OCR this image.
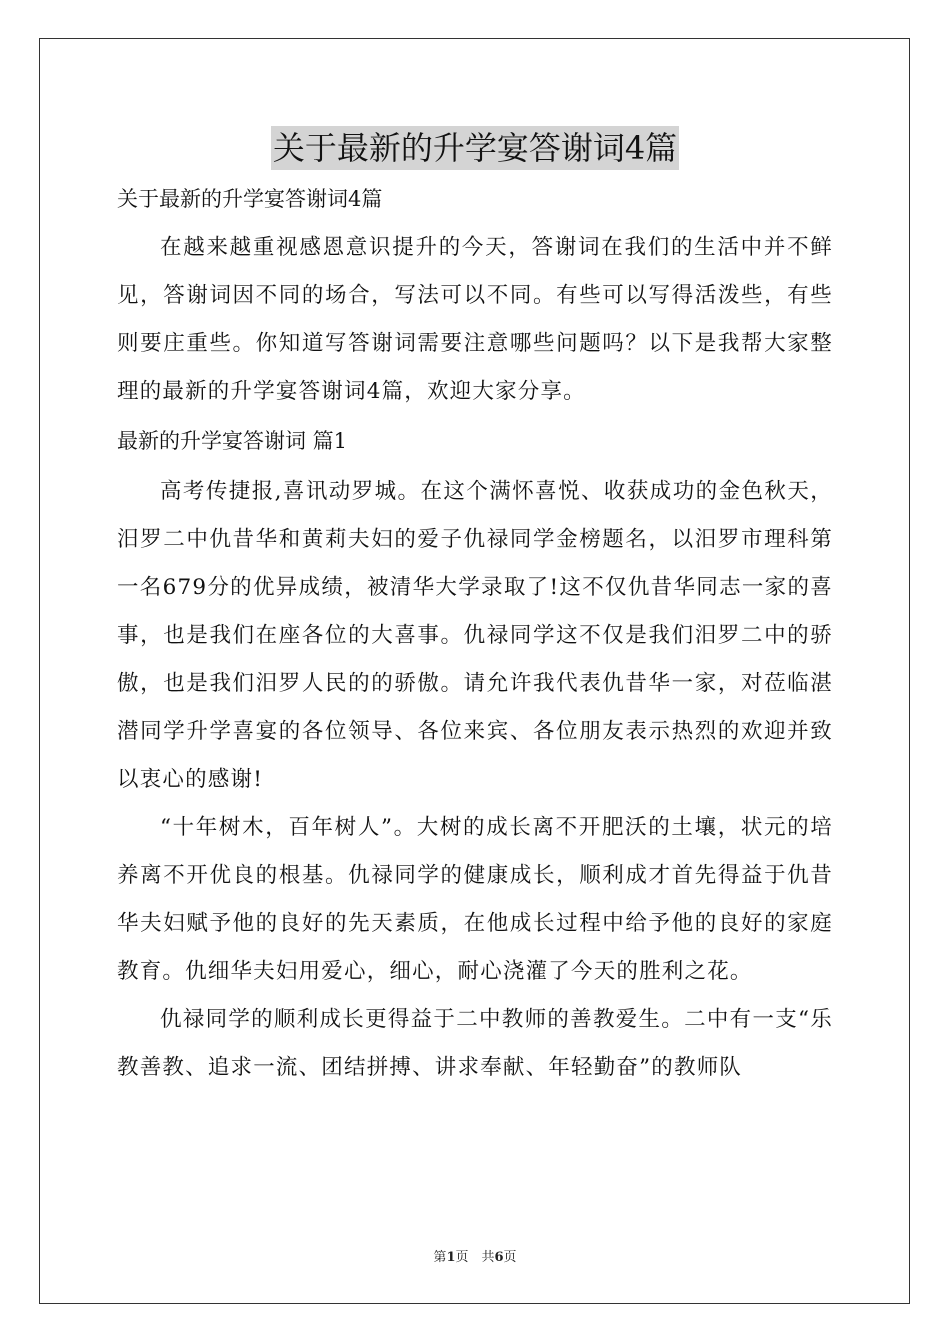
关于最新的升学宴答谢词4篇

关于最新的升学宴答谢词4篇

在越来越重视感恩意识提升的今天，答谢词在我们的生活中并不鲜见，答谢词因不同的场合，写法可以不同。有些可以写得活泼些，有些则要庄重些。你知道写答谢词需要注意哪些问题吗？以下是我帮大家整理的最新的升学宴答谢词4篇，欢迎大家分享。

最新的升学宴答谢词 篇1

高考传捷报,喜讯动罗城。在这个满怀喜悦、收获成功的金色秋天，汨罗二中仇昔华和黄莉夫妇的爱子仇禄同学金榜题名，以汨罗市理科第一名679分的优异成绩，被清华大学录取了!这不仅仇昔华同志一家的喜事，也是我们在座各位的大喜事。仇禄同学这不仅是我们汨罗二中的骄傲，也是我们汨罗人民的的骄傲。请允许我代表仇昔华一家，对莅临湛潜同学升学喜宴的各位领导、各位来宾、各位朋友表示热烈的欢迎并致以衷心的感谢!

“十年树木，百年树人”。大树的成长离不开肥沃的土壤，状元的培养离不开优良的根基。仇禄同学的健康成长，顺利成才首先得益于仇昔华夫妇赋予他的良好的先天素质，在他成长过程中给予他的良好的家庭教育。仇细华夫妇用爱心，细心，耐心浇灌了今天的胜利之花。

仇禄同学的顺利成长更得益于二中教师的善教爱生。二中有一支“乐教善教、追求一流、团结拼搏、讲求奉献、年轻勤奋”的教师队

第1页　共6页
